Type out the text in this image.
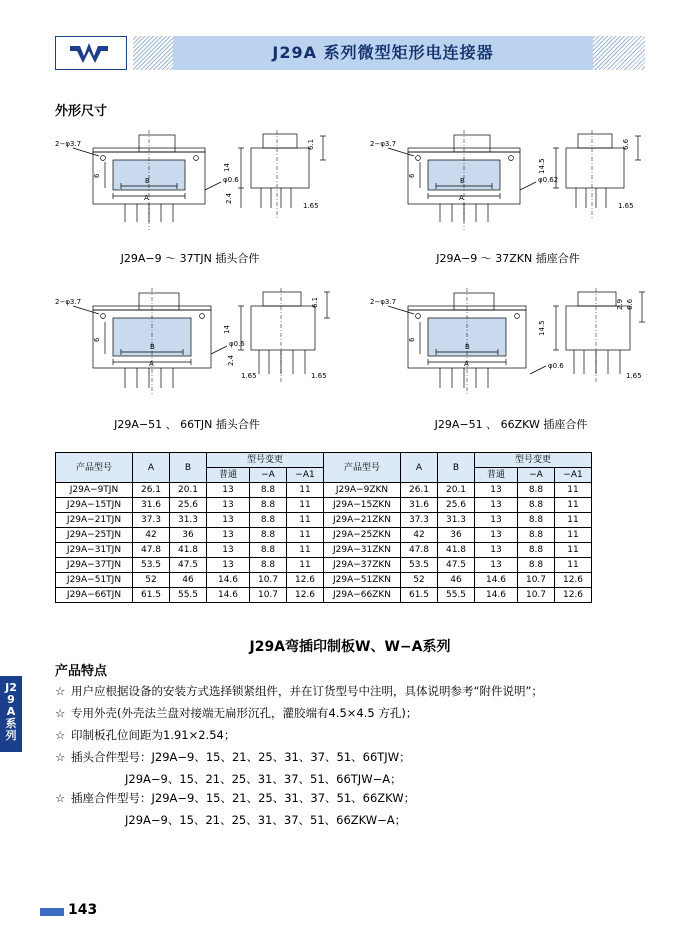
J29A 系列微型矩形电连接器
外形尺寸
2−φ3.7
φ0.6
6
14
6.1
2.4
1.65
A
B
J29A−9 ～ 37TJN 插头合件
2−φ3.7
φ0.62
6
14.5
6.6
1.65
A
B
J29A−9 ～ 37ZKN 插座合件
2−φ3.7
φ0.6
6
14
6.1
2.4
1.65	1.65
A
B
J29A−51 、 66TJN 插头合件
2−φ3.7
φ0.6
6
14.5
6.6
2.9
1.65
A
B
J29A−51 、 66ZKW 插座合件
产品型号	A	B	型号变更			产品型号	A	B	型号变更		
			普通	−A	−A1				普通	−A	−A1
J29A−9TJN	26.1	20.1	13	8.8	11	J29A−9ZKN	26.1	20.1	13	8.8	11
J29A−15TJN	31.6	25.6	13	8.8	11	J29A−15ZKN	31.6	25.6	13	8.8	11
J29A−21TJN	37.3	31.3	13	8.8	11	J29A−21ZKN	37.3	31.3	13	8.8	11
J29A−25TJN	42	36	13	8.8	11	J29A−25ZKN	42	36	13	8.8	11
J29A−31TJN	47.8	41.8	13	8.8	11	J29A−31ZKN	47.8	41.8	13	8.8	11
J29A−37TJN	53.5	47.5	13	8.8	11	J29A−37ZKN	53.5	47.5	13	8.8	11
J29A−51TJN	52	46	14.6	10.7	12.6	J29A−51ZKN	52	46	14.6	10.7	12.6
J29A−66TJN	61.5	55.5	14.6	10.7	12.6	J29A−66ZKN	61.5	55.5	14.6	10.7	12.6
J29A弯插印制板W、W−A系列
产品特点
☆ 用户应根据设备的安装方式选择锁紧组件，并在订货型号中注明，具体说明参考“附件说明”；
☆ 专用外壳(外壳法兰盘对接端无扁形沉孔，灌胶端有4.5×4.5 方孔)；
☆ 印制板孔位间距为1.91×2.54；
☆ 插头合件型号：J29A−9、15、21、25、31、37、51、66TJW；
J29A−9、15、21、25、31、37、51、66TJW−A；
☆ 插座合件型号：J29A−9、15、21、25、31、37、51、66ZKW；
J29A−9、15、21、25、31、37、51、66ZKW−A；
J29A系列
143
